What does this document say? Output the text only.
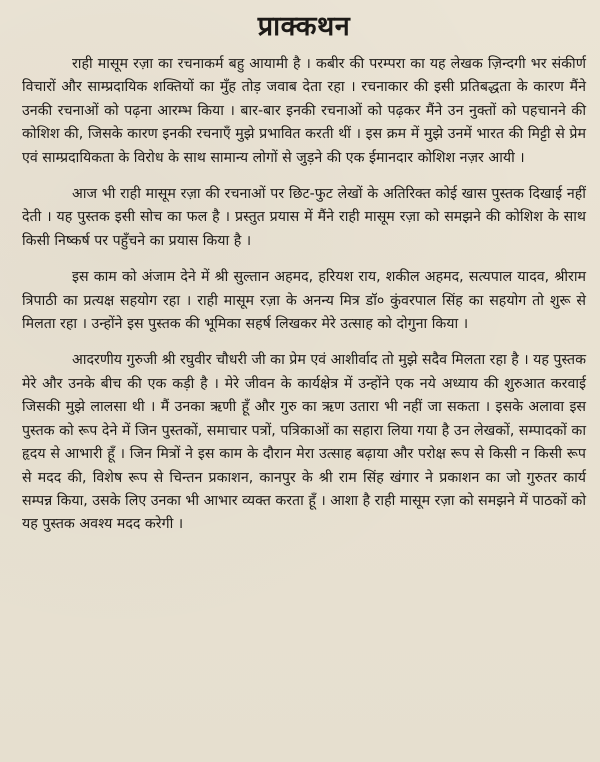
प्राक्कथन

राही मासूम रज़ा का रचनाकर्म बहु आयामी है । कबीर की परम्परा का यह लेखक ज़िन्दगी भर संकीर्ण विचारों और साम्प्रदायिक शक्तियों का मुँह तोड़ जवाब देता रहा । रचनाकार की इसी प्रतिबद्धता के कारण मैंने उनकी रचनाओं को पढ़ना आरम्भ किया । बार-बार इनकी रचनाओं को पढ़कर मैंने उन नुक्तों को पहचानने की कोशिश की, जिसके कारण इनकी रचनाएँ मुझे प्रभावित करती थीं । इस क्रम में मुझे उनमें भारत की मिट्टी से प्रेम एवं साम्प्रदायिकता के विरोध के साथ सामान्य लोगों से जुड़ने की एक ईमानदार कोशिश नज़र आयी ।

आज भी राही मासूम रज़ा की रचनाओं पर छिट-फुट लेखों के अतिरिक्त कोई खास पुस्तक दिखाई नहीं देती । यह पुस्तक इसी सोच का फल है । प्रस्तुत प्रयास में मैंने राही मासूम रज़ा को समझने की कोशिश के साथ किसी निष्कर्ष पर पहुँचने का प्रयास किया है ।

इस काम को अंजाम देने में श्री सुल्तान अहमद, हरियश राय, शकील अहमद, सत्यपाल यादव, श्रीराम त्रिपाठी का प्रत्यक्ष सहयोग रहा । राही मासूम रज़ा के अनन्य मित्र डॉ० कुंवरपाल सिंह का सहयोग तो शुरू से मिलता रहा । उन्होंने इस पुस्तक की भूमिका सहर्ष लिखकर मेरे उत्साह को दोगुना किया ।

आदरणीय गुरुजी श्री रघुवीर चौधरी जी का प्रेम एवं आशीर्वाद तो मुझे सदैव मिलता रहा है । यह पुस्तक मेरे और उनके बीच की एक कड़ी है । मेरे जीवन के कार्यक्षेत्र में उन्होंने एक नये अध्याय की शुरुआत करवाई जिसकी मुझे लालसा थी । मैं उनका ऋणी हूँ और गुरु का ऋण उतारा भी नहीं जा सकता । इसके अलावा इस पुस्तक को रूप देने में जिन पुस्तकों, समाचार पत्रों, पत्रिकाओं का सहारा लिया गया है उन लेखकों, सम्पादकों का हृदय से आभारी हूँ । जिन मित्रों ने इस काम के दौरान मेरा उत्साह बढ़ाया और परोक्ष रूप से किसी न किसी रूप से मदद की, विशेष रूप से चिन्तन प्रकाशन, कानपुर के श्री राम सिंह खंगार ने प्रकाशन का जो गुरुतर कार्य सम्पन्न किया, उसके लिए उनका भी आभार व्यक्त करता हूँ । आशा है राही मासूम रज़ा को समझने में पाठकों को यह पुस्तक अवश्य मदद करेगी ।
